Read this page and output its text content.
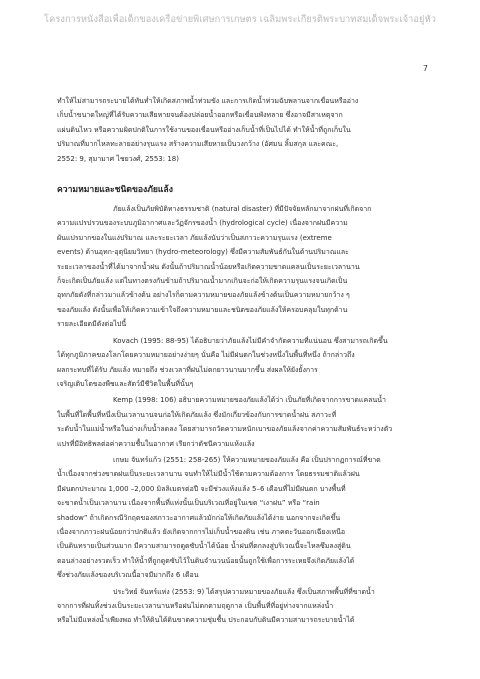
โครงการหนังสือเพื่อเด็กของเครือข่ายพิเศษการเกษตร เฉลิมพระเกียรติพระบาทสมเด็จพระเจ้าอยู่หัว
7
ทำให้ไม่สามารถระบายได้ทันท่ำให้เกิดสภาพน้ำท่วมขัง และการเกิดน้ำท่วมฉับพลานจากเขื่อนหรืออ่าง
เก็บน้ำขนาดใหญ่ที่ได้รับความเสียหายจนต้องปล่อยน้ำออกหรือเขื่อนพังทลาย ซึ่งอาจมีสาเหตุจาก
แผ่นดินไหว หรือความผิดปกติในการใช้งานของเขื่อนหรืออ่างเก็บน้ำที่เป็นไปได้ ทำให้น้ำที่ถูกเก็บใน
ปริมาณที่มากไหลทะลายอย่างรุนแรง สร้างความเสียหายเป็นวงกว้าง (อัศมน ลิ้มสกุล และคณะ,
2552: 9, สุมามาศ ไชยวงศ์, 2553: 18)
ความหมายและชนิดของภัยแล้ง
ภัยแล้งเป็นภัยพิบัติทางธรรมชาติ (natural disaster) ที่มีปัจจัยหลักมาจากฝนที่เกิดจาก
ความแปรปรวนของระบบภูมิอากาศและวัฏจักรของน้ำ (hydrological cycle) เนื่องจากฝนมีความ
ผันแปรมากของในแง่ปริมาณ และระยะเวลา ภัยแล้งนับว่าเป็นสภาวะความรุนแรง (extreme
events) ด้านอุทก-อุตุนิยมวิทยา (hydro-meteorology) ซึ่งมีความสัมพันธ์กันในด้านปริมาณและ
ระยะเวลาของน้ำที่ได้มาจากน้ำฝน ดังนั้นถ้าปริมาณน้ำน้อยหรือเกิดความขาดแคลนเป็นระยะเวลานาน
ก็จะเกิดเป็นภัยแล้ง แต่ในทางตรงกันข้ามถ้าปริมาณน้ำมากเกินจะก่อให้เกิดความรุนแรงจนเกิดเป็น
อุทกภัยดังที่กล่าวมาแล้วข้างต้น อย่างไรก็ตามความหมายของภัยแล้งข้างต้นเป็นความหมายกว้าง ๆ
ของภัยแล้ง ดังนั้นเพื่อให้เกิดความเข้าใจถึงความหมายและชนิดของภัยแล้งให้ครอบคลุมในทุกด้าน
รายละเอียดมีดังต่อไปนี้
Kovach (1995: 88-95) ได้อธิบายว่าภัยแล้งไม่มีคำจำกัดความที่แน่นอน ซึ่งสามารถเกิดขึ้น
ได้ทุกภูมิภาคของโลกโดยความหมายอย่างง่ายๆ นั่นคือ ไม่มีฝนตกในช่วงหนึ่งในพื้นที่หนึ่ง ถ้ากล่าวถึง
ผลกระทบที่ได้รับ ภัยแล้ง หมายถึง ช่วงเวลาที่ฝนไม่ตกยาวนานมากขึ้น ส่งผลให้ยังยั้งการ
เจริญเติบโตของพืชและสัตว์มีชีวิตในพื้นที่นั้นๆ
Kemp (1998: 106) อธิบายความหมายของภัยแล้งได้ว่า เป็นภัยที่เกิดจากการขาดแคลนน้ำ
ในพื้นที่ใดพื้นที่หนึ่งเป็นเวลานานจนก่อให้เกิดภัยแล้ง ซึ่งมักเกี่ยวข้องกับการขาดน้ำฝน สภาวะที่
ระดับน้ำในแม่น้ำหรือในอ่างเก็บน้ำลดลง โดยสามารถวัดความหนักเบาของภัยแล้งจากค่าความสัมพันธ์ระหว่างตัว
แปรที่มีอิทธิพลต่อค่าความชื้นในอากาศ เรียกว่าดัชนีความแห้งแล้ง
เกษม จันทร์แก้ว (2551: 258-265) ให้ความหมายของภัยแล้ง คือ เป็นปรากฏการณ์ที่ขาด
น้ำเนื่องจากช่วงขาดฝนเป็นระยะเวลานาน จนทำให้ไม่มีน้ำใช้ตามความต้องการ โดยธรรมชาติแล้วฝน
มีฝนตกประมาณ 1,000 –2,000 มิลลิเมตรต่อปี จะมีช่วงแห้งแล้ง 5–6 เดือนที่ไม่มีฝนตก บางพื้นที่
จะขาดน้ำเป็นเวลานาน เนื่องจากพื้นที่แห่งนั้นเป็นบริเวณที่อยู่ในเขต “เงาฝน” หรือ “rain
shadow” ถ้าเกิดกรณีวิกฤตของสภาวะอากาศแล้วมักก่อให้เกิดภัยแล้งได้ง่าย นอกจากจะเกิดขึ้น
เนื่องจากภาวะฝนน้อยกว่าปกติแล้ว ยังเกิดจากการไม่เก็บน้ำของดิน เช่น ภาคตะวันออกเฉียงเหนือ
เป็นดินทรายเป็นส่วนมาก มีความสามารถดูดซับน้ำได้น้อย น้ำฝนที่ตกลงสู่บริเวณนี้จะไหลซึมลงสู่ดิน
ตอนล่างอย่างรวดเร็ว ทำให้น้ำที่ถูกดูดซับไว้ในดินจำนวนน้อยนั้นถูกใช้เพื่อการระเหยจึงเกิดภัยแล้งได้
ซึ่งช่วงภัยแล้งของบริเวณนี้อาจมีมากถึง 6 เดือน
ประวิทย์ จันทร์แห่ง (2553: 9) ได้สรุปความหมายของภัยแล้ง ซึ่งเป็นสภาพพื้นที่ที่ขาดน้ำ
จากการที่ฝนทิ้งช่วงเป็นระยะเวลานานหรือฝนไม่ตกตามฤดูกาล เป็นพื้นที่ที่อยู่ห่างจากแหล่งน้ำ
หรือไม่มีแหล่งน้ำเพียงพอ ทำให้ดินได้ดินขาดความชุ่มชื้น ประกอบกับดินมีความสามารถระบายน้ำได้
